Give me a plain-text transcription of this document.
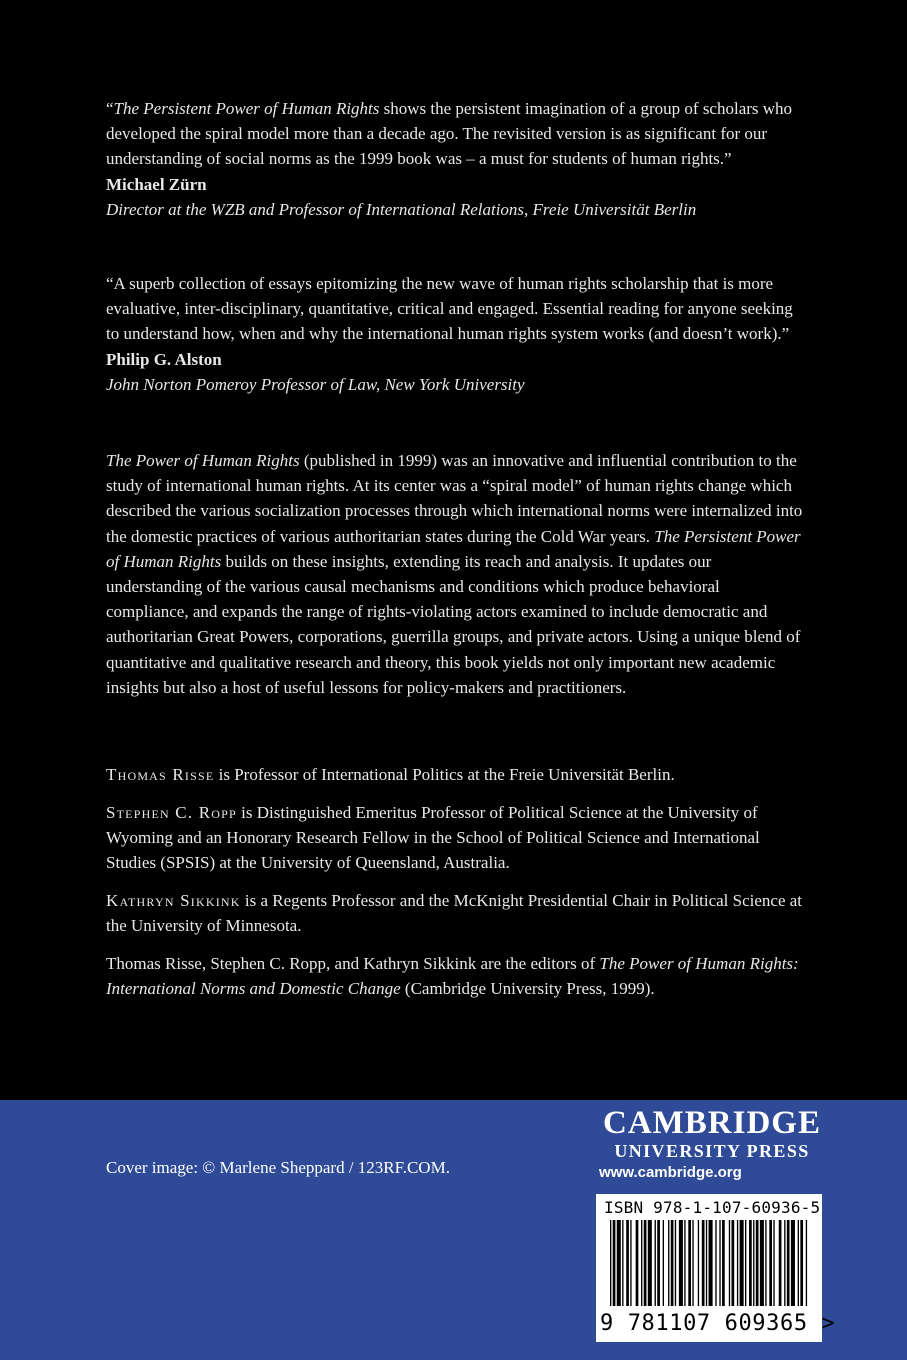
“The Persistent Power of Human Rights shows the persistent imagination of a group of scholars who developed the spiral model more than a decade ago. The revisited version is as significant for our understanding of social norms as the 1999 book was – a must for students of human rights.”

Michael Zürn

Director at the WZB and Professor of International Relations, Freie Universität Berlin

“A superb collection of essays epitomizing the new wave of human rights scholarship that is more evaluative, inter-disciplinary, quantitative, critical and engaged. Essential reading for anyone seeking to understand how, when and why the international human rights system works (and doesn’t work).”

Philip G. Alston

John Norton Pomeroy Professor of Law, New York University

The Power of Human Rights (published in 1999) was an innovative and influential contribution to the study of international human rights. At its center was a “spiral model” of human rights change which described the various socialization processes through which international norms were internalized into the domestic practices of various authoritarian states during the Cold War years. The Persistent Power of Human Rights builds on these insights, extending its reach and analysis. It updates our understanding of the various causal mechanisms and conditions which produce behavioral compliance, and expands the range of rights-violating actors examined to include democratic and authoritarian Great Powers, corporations, guerrilla groups, and private actors. Using a unique blend of quantitative and qualitative research and theory, this book yields not only important new academic insights but also a host of useful lessons for policy-makers and practitioners.

Thomas Risse is Professor of International Politics at the Freie Universität Berlin.

Stephen C. Ropp is Distinguished Emeritus Professor of Political Science at the University of Wyoming and an Honorary Research Fellow in the School of Political Science and International Studies (SPSIS) at the University of Queensland, Australia.

Kathryn Sikkink is a Regents Professor and the McKnight Presidential Chair in Political Science at the University of Minnesota.

Thomas Risse, Stephen C. Ropp, and Kathryn Sikkink are the editors of The Power of Human Rights: International Norms and Domestic Change (Cambridge University Press, 1999).

Cover image: © Marlene Sheppard / 123RF.COM.
CAMBRIDGE
UNIVERSITY PRESS
www.cambridge.org
ISBN 978-1-107-60936-5
9 781107 609365 >
